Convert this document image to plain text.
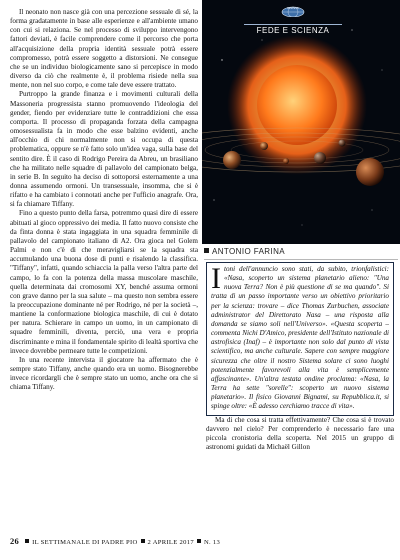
Il neonato non nasce già con una percezione sessuale di sé, la forma gradatamente in base alle esperienze e all'ambiente umano con cui si relaziona. Se nel processo di sviluppo intervengono fattori deviati, è facile comprendere come il percorso che porta all'acquisizione della propria identità sessuale potrà essere compromesso, potrà essere soggetto a distorsioni. Ne consegue che se un individuo biologicamente sano si percepisce in modo diverso da ciò che realmente è, il problema risiede nella sua mente, non nel suo corpo, e come tale deve essere trattato.

Purtroppo la grande finanza e i movimenti culturali della Massoneria progressista stanno promuovendo l'ideologia del gender, fiendo per evidenziare tutte le contraddizioni che essa comporta. Il processo di propaganda forzata della campagna omosessualista fa in modo che esse balzino evidenti, anche all'occhio di chi normalmente non si occupa di questa problematica, oppure se n'è fatto solo un'idea vaga, sulla base del sentito dire. È il caso di Rodrigo Pereira da Abreu, un brasiliano che ha militato nelle squadre di pallavolo del campionato belga, in serie B. In seguito ha deciso di sottoporsi esternamente a una donna assumendo ormoni. Un transessuale, insomma, che si è rifatto e ha cambiato i connotati anche per l'ufficio anagrafe. Ora, si fa chiamare Tiffany.

Fino a questo punto della farsa, potremmo quasi dire di essere abituati al gioco oppressivo dei media. Il fatto nuovo consiste che da finta donna è stata ingaggiata in una squadra femminile di pallavolo del campionato italiano di A2. Ora gioca nel Golem Palmi e non c'è di che meravigliarsi se la squadra sta accumulando una buona dose di punti e risalendo la classifica. "Tiffany", infatti, quando schiaccia la palla verso l'altra parte del campo, lo fa con la potenza della massa muscolare maschile, quella determinata dai cromosomi XY, benché assuma ormoni con grave danno per la sua salute – ma questo non sembra essere la preoccupazione dominante né per Rodrigo, né per la società –, mantiene la conformazione biologica maschile, di cui è dotato per natura. Schierare in campo un uomo, in un campionato di squadre femminili, diventa, perciò, una vera e propria discriminante e mina il fondamentale spirito di lealtà sportiva che invece dovrebbe permeare tutte le competizioni.

In una recente intervista il giocatore ha affermato che è sempre stato Tiffany, anche quando era un uomo. Bisognerebbe invece ricordargli che è sempre stato un uomo, anche ora che si chiama Tiffany.

RIVISTA
FEDE E SCIENZA
ANTONIO FARINA

Itoni dell'annuncio sono stati, da subito, trionfalistici: «Nasa, scoperto un sistema planetario alieno: "Una nuova Terra? Non è più questione di se ma quando". Si tratta di un passo importante verso un obiettivo prioritario per la scienza: trovare – dice Thomas Zurbuchen, associate administrator del Direttorato Nasa – una risposta alla domanda se siamo soli nell'Universo». «Questa scoperta – commenta Nichi D'Amico, presidente dell'Istituto nazionale di astrofisica (Inaf) – è importante non solo dal punto di vista scientifico, ma anche culturale. Sapere con sempre maggiore sicurezza che oltre il nostro Sistema solare ci sono luoghi potenzialmente favorevoli alla vita è semplicemente affascinante». Un'altra testata ondine proclama: «Nasa, la Terra ha sette "sorelle": scoperto un nuovo sistema planetario». Il fisico Giovanni Bignami, su Repubblica.it, si spinge oltre: «È adesso cerchiamo tracce di vita».

Ma di che cosa si tratta effettivamente? Che cosa si è trovato davvero nel cielo? Per comprenderlo è necessario fare una piccola cronistoria della scoperta. Nel 2015 un gruppo di astronomi guidati da Michaël Gillon

26 IL SETTIMANALE DI PADRE PIO 2 APRILE 2017 N. 13
